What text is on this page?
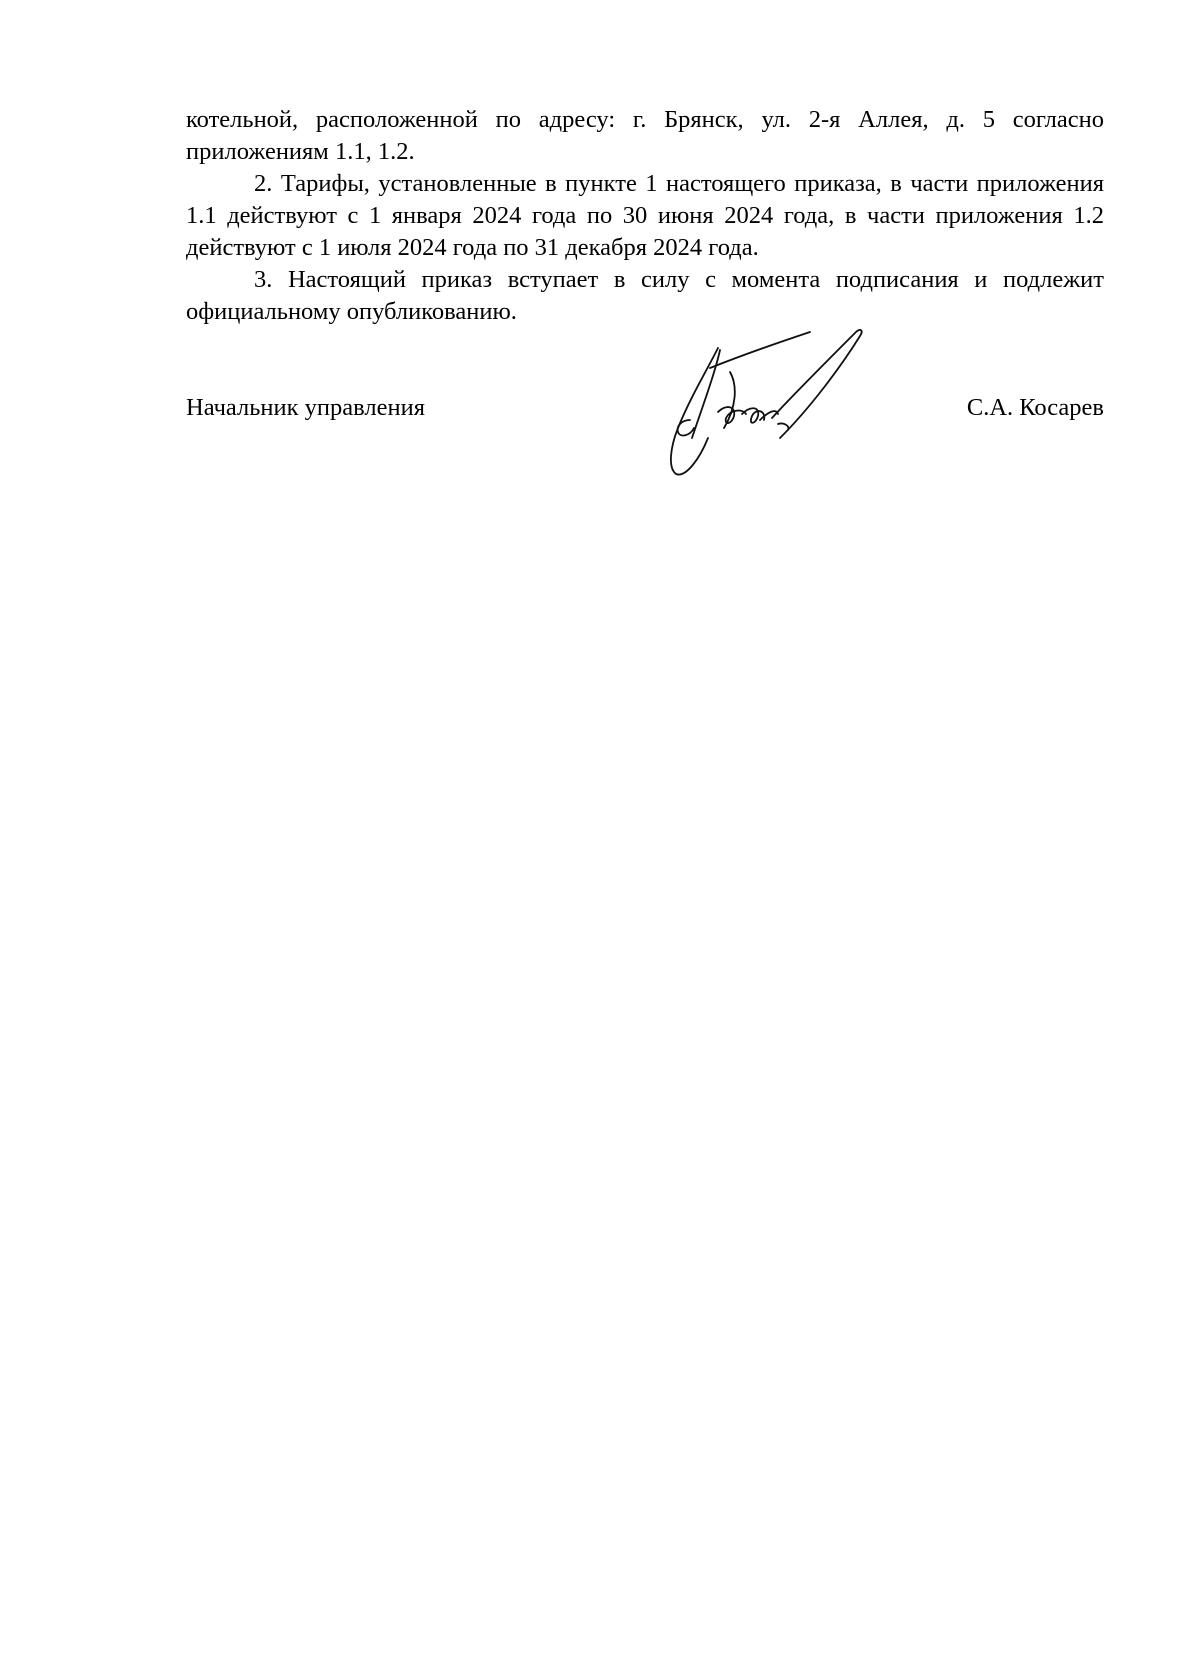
котельной, расположенной по адресу: г. Брянск, ул. 2-я Аллея, д. 5 согласно приложениям 1.1, 1.2.

2. Тарифы, установленные в пункте 1 настоящего приказа, в части приложения 1.1 действуют с 1 января 2024 года по 30 июня 2024 года, в части приложения 1.2 действуют с 1 июля 2024 года по 31 декабря 2024 года.

3. Настоящий приказ вступает в силу с момента подписания и подлежит официальному опубликованию.

Начальник управления	С.А. Косарев
